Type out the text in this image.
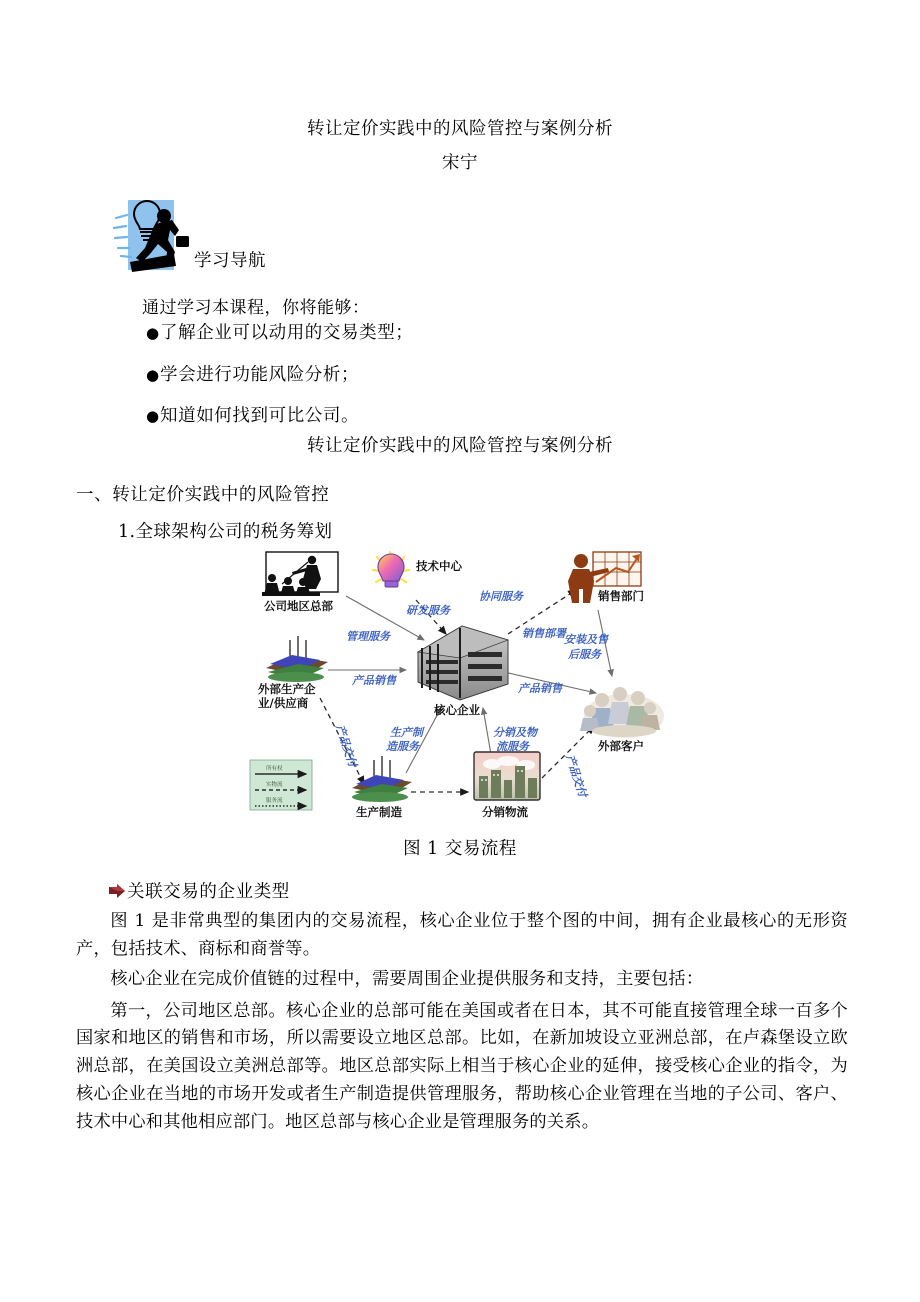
转让定价实践中的风险管控与案例分析
宋宁
学习导航
通过学习本课程，你将能够：
● 了解企业可以动用的交易类型；
● 学会进行功能风险分析；
● 知道如何找到可比公司。
转让定价实践中的风险管控与案例分析
一、转让定价实践中的风险管控
1.全球架构公司的税务筹划
公司地区总部
技术中心
销售部门
外部生产企
业/供应商	核心企业
外部客户
生产制造	分销物流
管理服务
研发服务
协同服务
销售部署
产品销售
产品销售
安装及售
后服务
生产制
造服务
分销及物
流服务
产品交付
产品交付
所有权
实物流
服务流
图 1 交易流程
关联交易的企业类型

图 1 是非常典型的集团内的交易流程，核心企业位于整个图的中间，拥有企业最核心的无形资产，包括技术、商标和商誉等。

核心企业在完成价值链的过程中，需要周围企业提供服务和支持，主要包括：

第一，公司地区总部。核心企业的总部可能在美国或者在日本，其不可能直接管理全球一百多个国家和地区的销售和市场，所以需要设立地区总部。比如，在新加坡设立亚洲总部，在卢森堡设立欧洲总部，在美国设立美洲总部等。地区总部实际上相当于核心企业的延伸，接受核心企业的指令，为核心企业在当地的市场开发或者生产制造提供管理服务，帮助核心企业管理在当地的子公司、客户、技术中心和其他相应部门。地区总部与核心企业是管理服务的关系。
